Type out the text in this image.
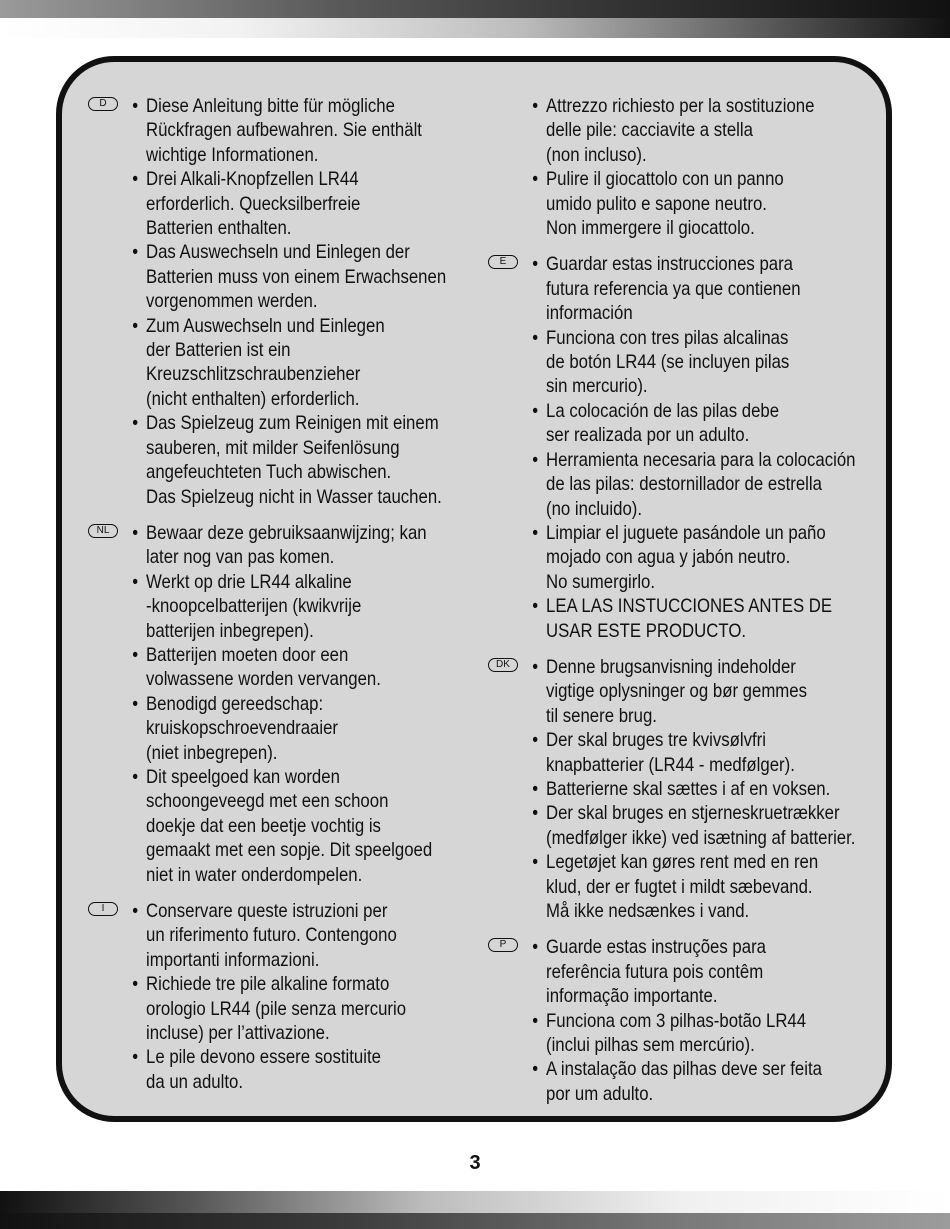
D	• Diese Anleitung bitte für mögliche
Rückfragen aufbewahren. Sie enthält
wichtige Informationen.
• Drei Alkali-Knopfzellen LR44
erforderlich. Quecksilberfreie
Batterien enthalten.
• Das Auswechseln und Einlegen der
Batterien muss von einem Erwachsenen
vorgenommen werden.
• Zum Auswechseln und Einlegen
der Batterien ist ein
Kreuzschlitzschraubenzieher
(nicht enthalten) erforderlich.
• Das Spielzeug zum Reinigen mit einem
sauberen, mit milder Seifenlösung
angefeuchteten Tuch abwischen.
Das Spielzeug nicht in Wasser tauchen.
NL	• Bewaar deze gebruiksaanwijzing; kan
later nog van pas komen.
• Werkt op drie LR44 alkaline
-knoopcelbatterijen (kwikvrije
batterijen inbegrepen).
• Batterijen moeten door een
volwassene worden vervangen.
• Benodigd gereedschap:
kruiskopschroevendraaier
(niet inbegrepen).
• Dit speelgoed kan worden
schoongeveegd met een schoon
doekje dat een beetje vochtig is
gemaakt met een sopje. Dit speelgoed
niet in water onderdompelen.
I	• Conservare queste istruzioni per
un riferimento futuro. Contengono
importanti informazioni.
• Richiede tre pile alkaline formato
orologio LR44 (pile senza mercurio
incluse) per l’attivazione.
• Le pile devono essere sostituite
da un adulto.
• Attrezzo richiesto per la sostituzione
delle pile: cacciavite a stella
(non incluso).
• Pulire il giocattolo con un panno
umido pulito e sapone neutro.
Non immergere il giocattolo.
E	• Guardar estas instrucciones para
futura referencia ya que contienen
información
• Funciona con tres pilas alcalinas
de botón LR44 (se incluyen pilas
sin mercurio).
• La colocación de las pilas debe
ser realizada por un adulto.
• Herramienta necesaria para la colocación
de las pilas: destornillador de estrella
(no incluido).
• Limpiar el juguete pasándole un paño
mojado con agua y jabón neutro.
No sumergirlo.
• LEA LAS INSTUCCIONES ANTES DE
USAR ESTE PRODUCTO.
DK	• Denne brugsanvisning indeholder
vigtige oplysninger og bør gemmes
til senere brug.
• Der skal bruges tre kvivsølvfri
knapbatterier (LR44 - medfølger).
• Batterierne skal sættes i af en voksen.
• Der skal bruges en stjerneskruetrækker
(medfølger ikke) ved isætning af batterier.
• Legetøjet kan gøres rent med en ren
klud, der er fugtet i mildt sæbevand.
Må ikke nedsænkes i vand.
P	• Guarde estas instruções para
referência futura pois contêm
informação importante.
• Funciona com 3 pilhas-botão LR44
(inclui pilhas sem mercúrio).
• A instalação das pilhas deve ser feita
por um adulto.
3
